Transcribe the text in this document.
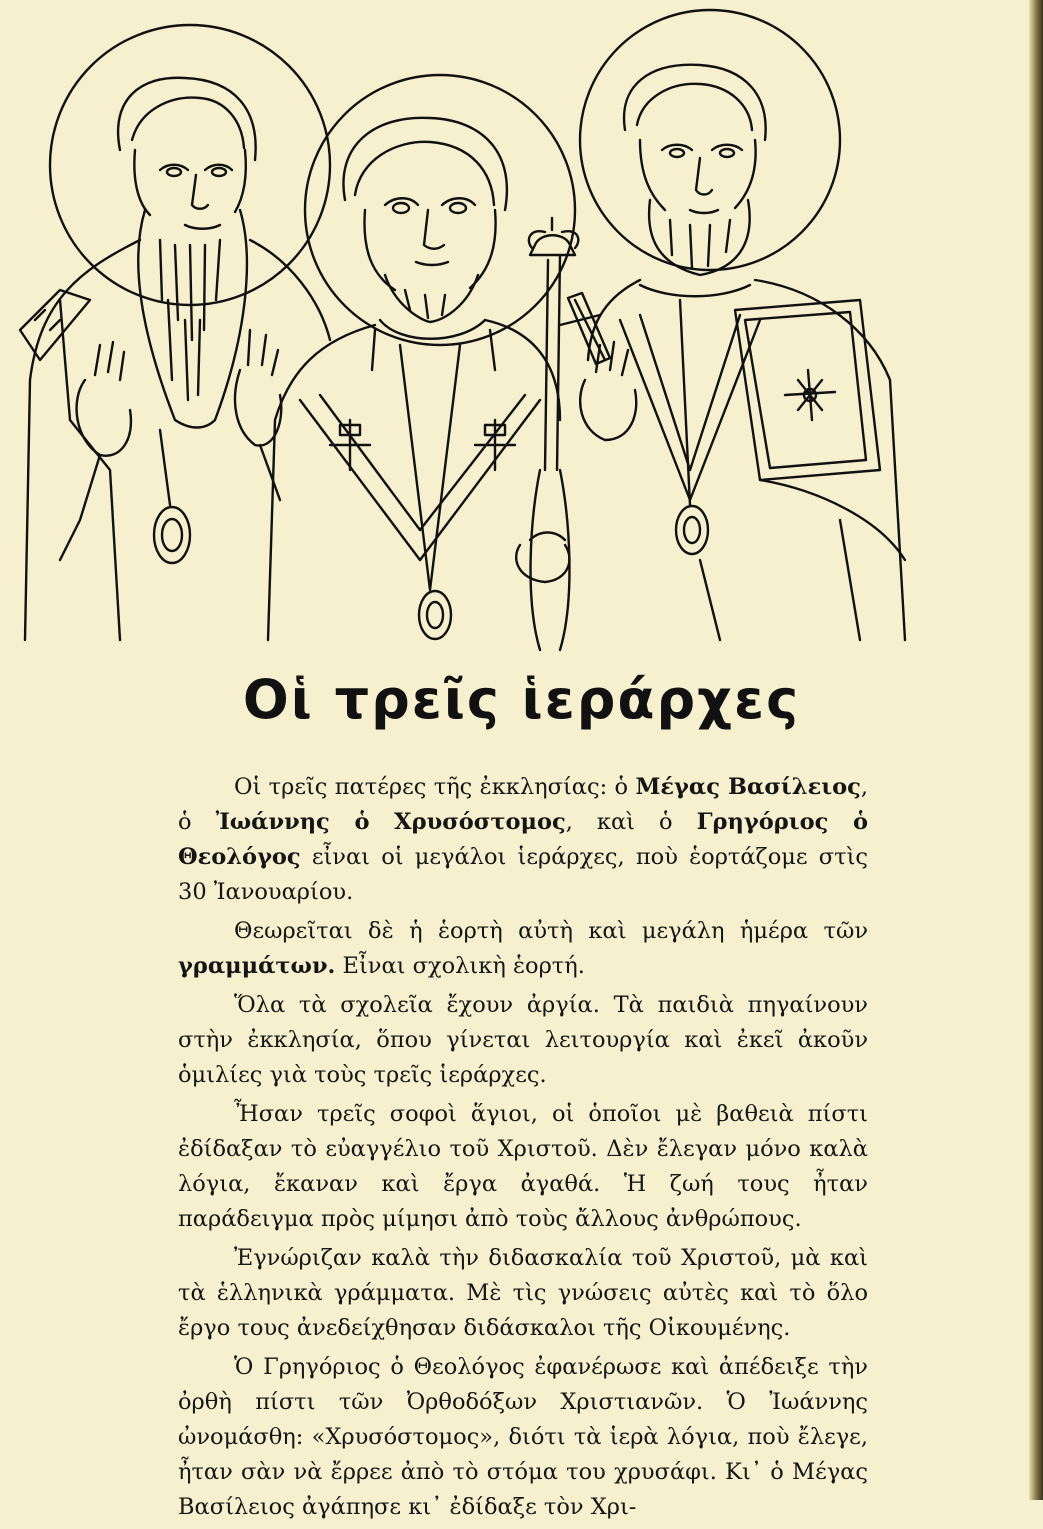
Οἱ τρεῖς ἱεράρχες

Οἱ τρεῖς πατέρες τῆς ἐκκλησίας: ὁ Μέγας Βασίλειος, ὁ Ἰωάννης ὁ Χρυσόστομος, καὶ ὁ Γρηγόριος ὁ Θεολόγος εἶναι οἱ μεγάλοι ἱεράρχες, ποὺ ἑορτάζομε στὶς 30 Ἰανουαρίου.

Θεωρεῖται δὲ ἡ ἑορτὴ αὐτὴ καὶ μεγάλη ἡμέρα τῶν γραμμάτων. Εἶναι σχολικὴ ἑορτή.

Ὅλα τὰ σχολεῖα ἔχουν ἀργία. Τὰ παιδιὰ πηγαίνουν στὴν ἐκκλησία, ὅπου γίνεται λειτουργία καὶ ἐκεῖ ἀκοῦν ὁμιλίες γιὰ τοὺς τρεῖς ἱεράρχες.

Ἦσαν τρεῖς σοφοὶ ἅγιοι, οἱ ὁποῖοι μὲ βαθειὰ πίστι ἐδίδαξαν τὸ εὐαγγέλιο τοῦ Χριστοῦ. Δὲν ἔλεγαν μόνο καλὰ λόγια, ἔκαναν καὶ ἔργα ἀγαθά. Ἡ ζωή τους ἦταν παράδειγμα πρὸς μίμησι ἀπὸ τοὺς ἄλλους ἀνθρώπους.

Ἐγνώριζαν καλὰ τὴν διδασκαλία τοῦ Χριστοῦ, μὰ καὶ τὰ ἑλληνικὰ γράμματα. Μὲ τὶς γνώσεις αὐτὲς καὶ τὸ ὅλο ἔργο τους ἀνεδείχθησαν διδάσκαλοι τῆς Οἰκουμένης.

Ὁ Γρηγόριος ὁ Θεολόγος ἐφανέρωσε καὶ ἀπέδειξε τὴν ὀρθὴ πίστι τῶν Ὀρθοδόξων Χριστιανῶν. Ὁ Ἰωάννης ὠνομάσθη: «Χρυσόστομος», διότι τὰ ἱερὰ λόγια, ποὺ ἔλεγε, ἦταν σὰν νὰ ἔρρεε ἀπὸ τὸ στόμα του χρυσάφι. Κι᾽ ὁ Μέγας Βασίλειος ἀγάπησε κι᾽ ἐδίδαξε τὸν Χρι-
